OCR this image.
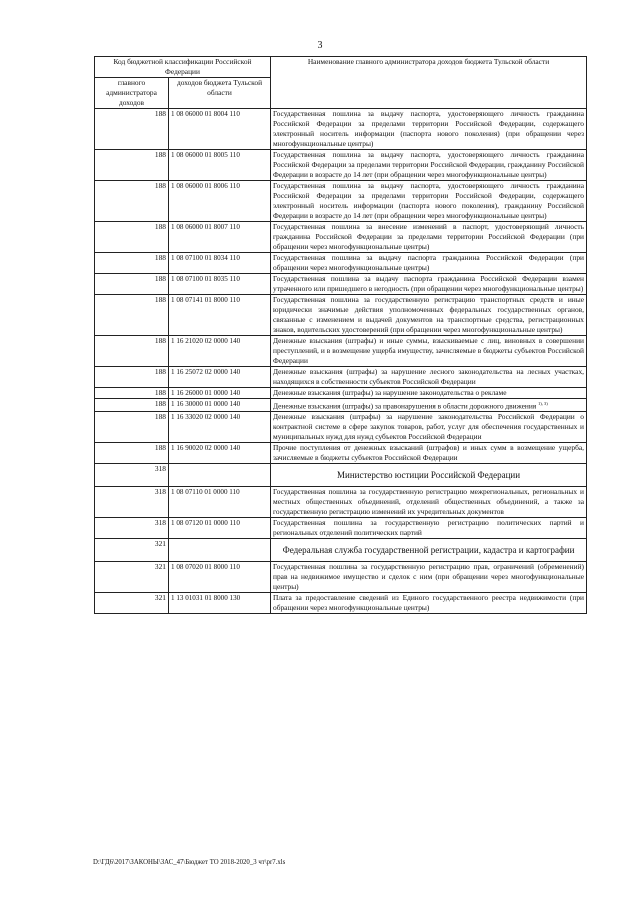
3
Код бюджетной классификации Российской Федерации		Наименование главного администратора доходов бюджета Тульской области
главного администратора доходов	доходов бюджета Тульской области	
188	1 08 06000 01 8004 110	Государственная пошлина за выдачу паспорта, удостоверяющего личность гражданина Российской Федерации за пределами территории Российской Федерации, содержащего электронный носитель информации (паспорта нового поколения) (при обращении через многофункциональные центры)
188	1 08 06000 01 8005 110	Государственная пошлина за выдачу паспорта, удостоверяющего личность гражданина Российской Федерации за пределами территории Российской Федерации, гражданину Российской Федерации в возрасте до 14 лет (при обращении через многофункциональные центры)
188	1 08 06000 01 8006 110	Государственная пошлина за выдачу паспорта, удостоверяющего личность гражданина Российской Федерации за пределами территории Российской Федерации, содержащего электронный носитель информации (паспорта нового поколения), гражданину Российской Федерации в возрасте до 14 лет (при обращении через многофункциональные центры)
188	1 08 06000 01 8007 110	Государственная пошлина за внесение изменений в паспорт, удостоверяющий личность гражданина Российской Федерации за пределами территории Российской Федерации (при обращении через многофункциональные центры)
188	1 08 07100 01 8034 110	Государственная пошлина за выдачу паспорта гражданина Российской Федерации (при обращении через многофункциональные центры)
188	1 08 07100 01 8035 110	Государственная пошлина за выдачу паспорта гражданина Российской Федерации взамен утраченного или пришедшего в негодность (при обращении через многофункциональные центры)
188	1 08 07141 01 8000 110	Государственная пошлина за государственную регистрацию транспортных средств и иные юридически значимые действия уполномоченных федеральных государственных органов, связанные с изменением и выдачей документов на транспортные средства, регистрационных знаков, водительских удостоверений (при обращении через многофункциональные центры)
188	1 16 21020 02 0000 140	Денежные взыскания (штрафы) и иные суммы, взыскиваемые с лиц, виновных в совершении преступлений, и в возмещение ущерба имуществу, зачисляемые в бюджеты субъектов Российской Федерации
188	1 16 25072 02 0000 140	Денежные взыскания (штрафы) за нарушение лесного законодательства на лесных участках, находящихся в собственности субъектов Российской Федерации
188	1 16 26000 01 0000 140	Денежные взыскания (штрафы) за нарушение законодательства о рекламе
188	1 16 30000 01 0000 140	Денежные взыскания (штрафы) за правонарушения в области дорожного движения $^{1), 3)}$
188	1 16 33020 02 0000 140	Денежные взыскания (штрафы) за нарушение законодательства Российской Федерации о контрактной системе в сфере закупок товаров, работ, услуг для обеспечения государственных и муниципальных нужд для нужд субъектов Российской Федерации
188	1 16 90020 02 0000 140	Прочие поступления от денежных взысканий (штрафов) и иных сумм в возмещение ущерба, зачисляемые в бюджеты субъектов Российской Федерации
318		Министерство юстиции Российской Федерации
318	1 08 07110 01 0000 110	Государственная пошлина за государственную регистрацию межрегиональных, региональных и местных общественных объединений, отделений общественных объединений, а также за государственную регистрацию изменений их учредительных документов
318	1 08 07120 01 0000 110	Государственная пошлина за государственную регистрацию политических партий и региональных отделений политических партий
321		Федеральная служба государственной регистрации, кадастра и картографии
321	1 08 07020 01 8000 110	Государственная пошлина за государственную регистрацию прав, ограничений (обременений) прав на недвижимое имущество и сделок с ним (при обращении через многофункциональные центры)
321	1 13 01031 01 8000 130	Плата за предоставление сведений из Единого государственного реестра недвижимости (при обращении через многофункциональные центры)
D:\ГД6\2017\ЗАКОНЫ\ЗАС_47\Бюджет ТО 2018-2020_3 чт\pr7.xls
